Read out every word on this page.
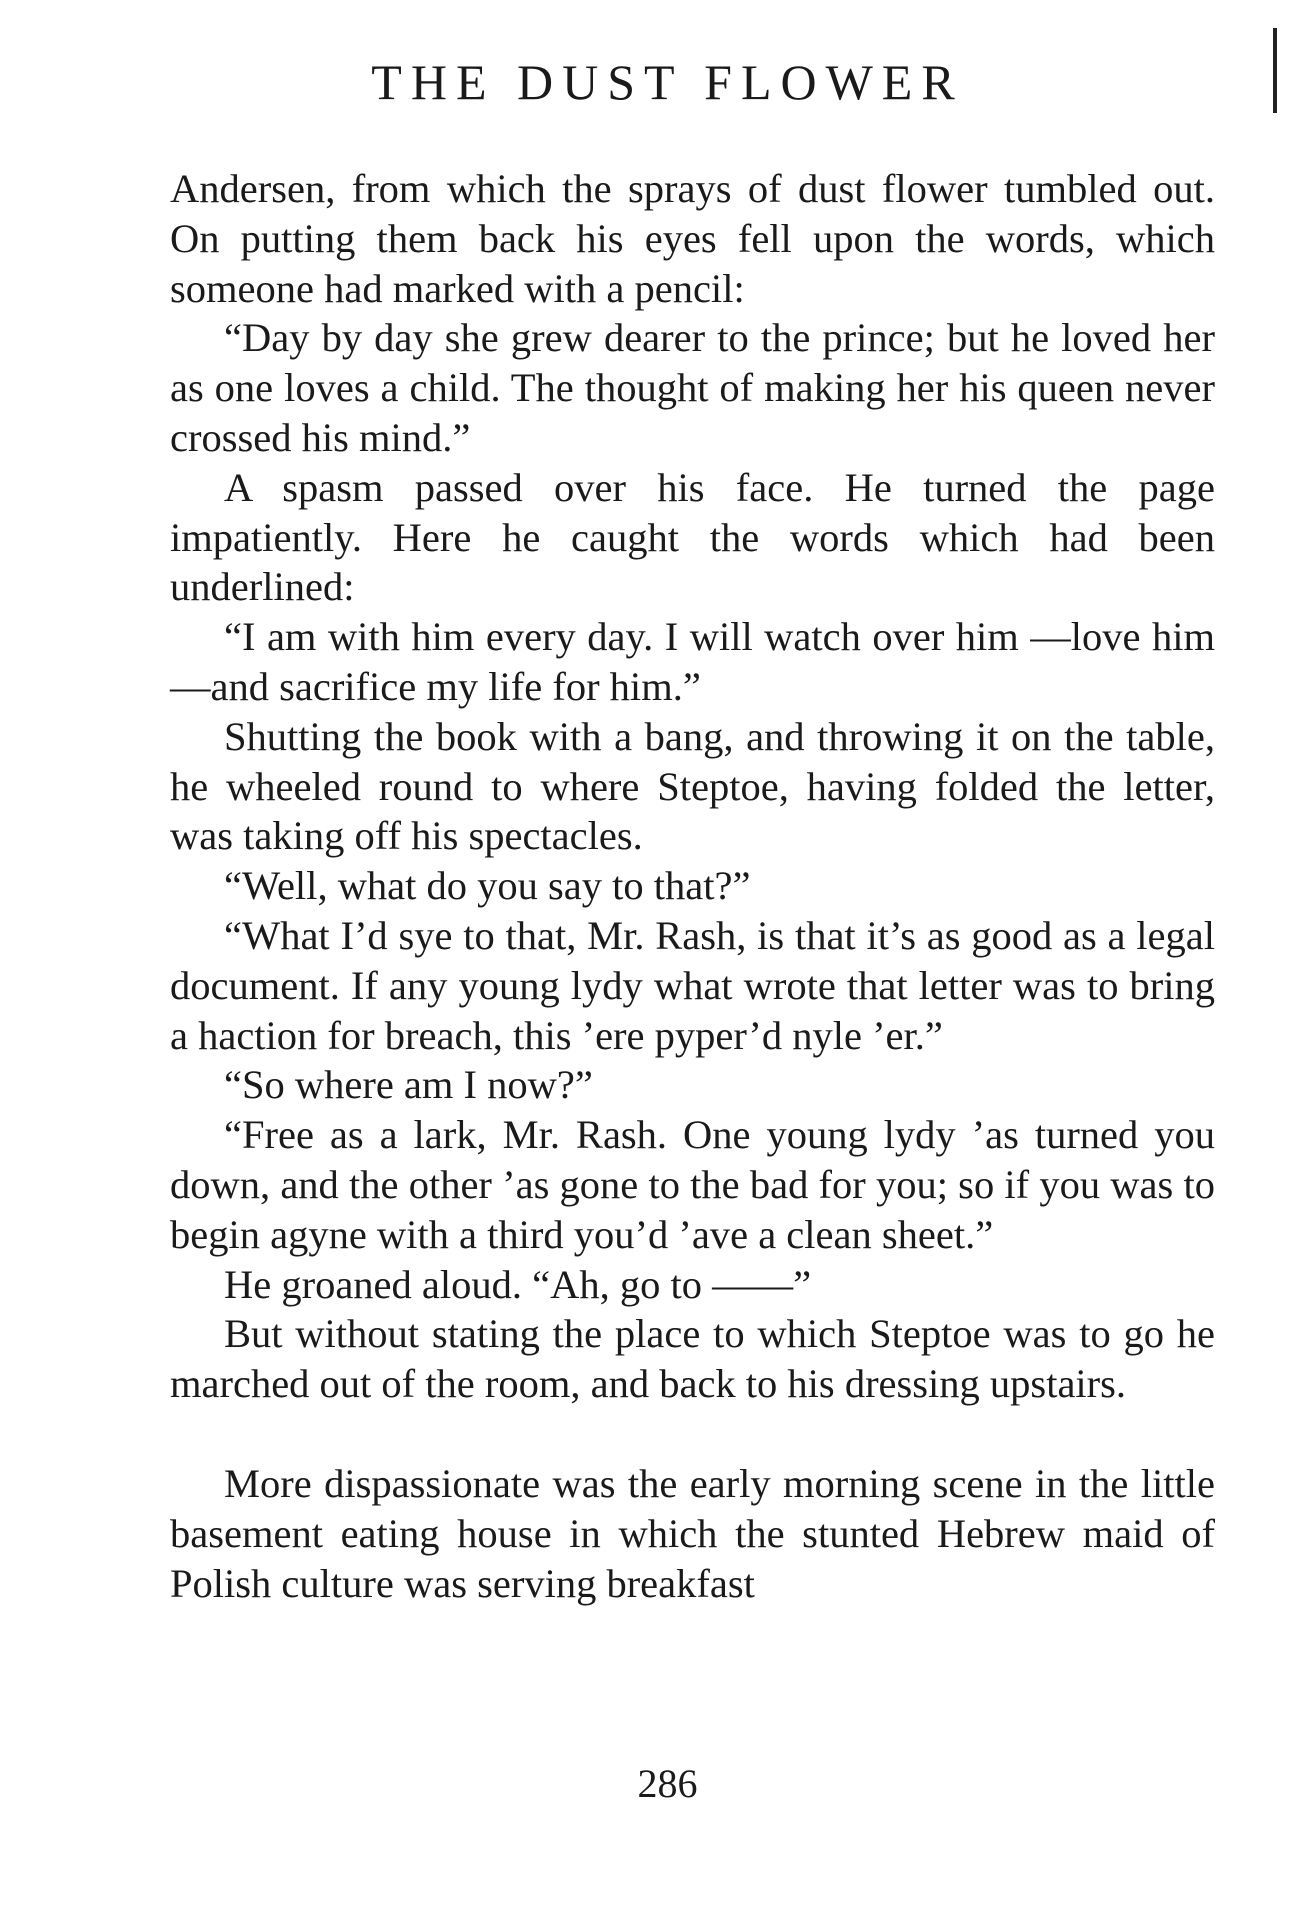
THE DUST FLOWER

Andersen, from which the sprays of dust flower tumbled out. On putting them back his eyes fell upon the words, which someone had marked with a pencil:

“Day by day she grew dearer to the prince; but he loved her as one loves a child. The thought of making her his queen never crossed his mind.”

A spasm passed over his face. He turned the page impatiently. Here he caught the words which had been underlined:

“I am with him every day. I will watch over him —love him—and sacrifice my life for him.”

Shutting the book with a bang, and throwing it on the table, he wheeled round to where Steptoe, having folded the letter, was taking off his spectacles.

“Well, what do you say to that?”

“What I’d sye to that, Mr. Rash, is that it’s as good as a legal document. If any young lydy what wrote that letter was to bring a haction for breach, this ’ere pyper’d nyle ’er.”

“So where am I now?”

“Free as a lark, Mr. Rash. One young lydy ’as turned you down, and the other ’as gone to the bad for you; so if you was to begin agyne with a third you’d ’ave a clean sheet.”

He groaned aloud. “Ah, go to ——”

But without stating the place to which Steptoe was to go he marched out of the room, and back to his dressing upstairs.

More dispassionate was the early morning scene in the little basement eating house in which the stunted Hebrew maid of Polish culture was serving breakfast

286
